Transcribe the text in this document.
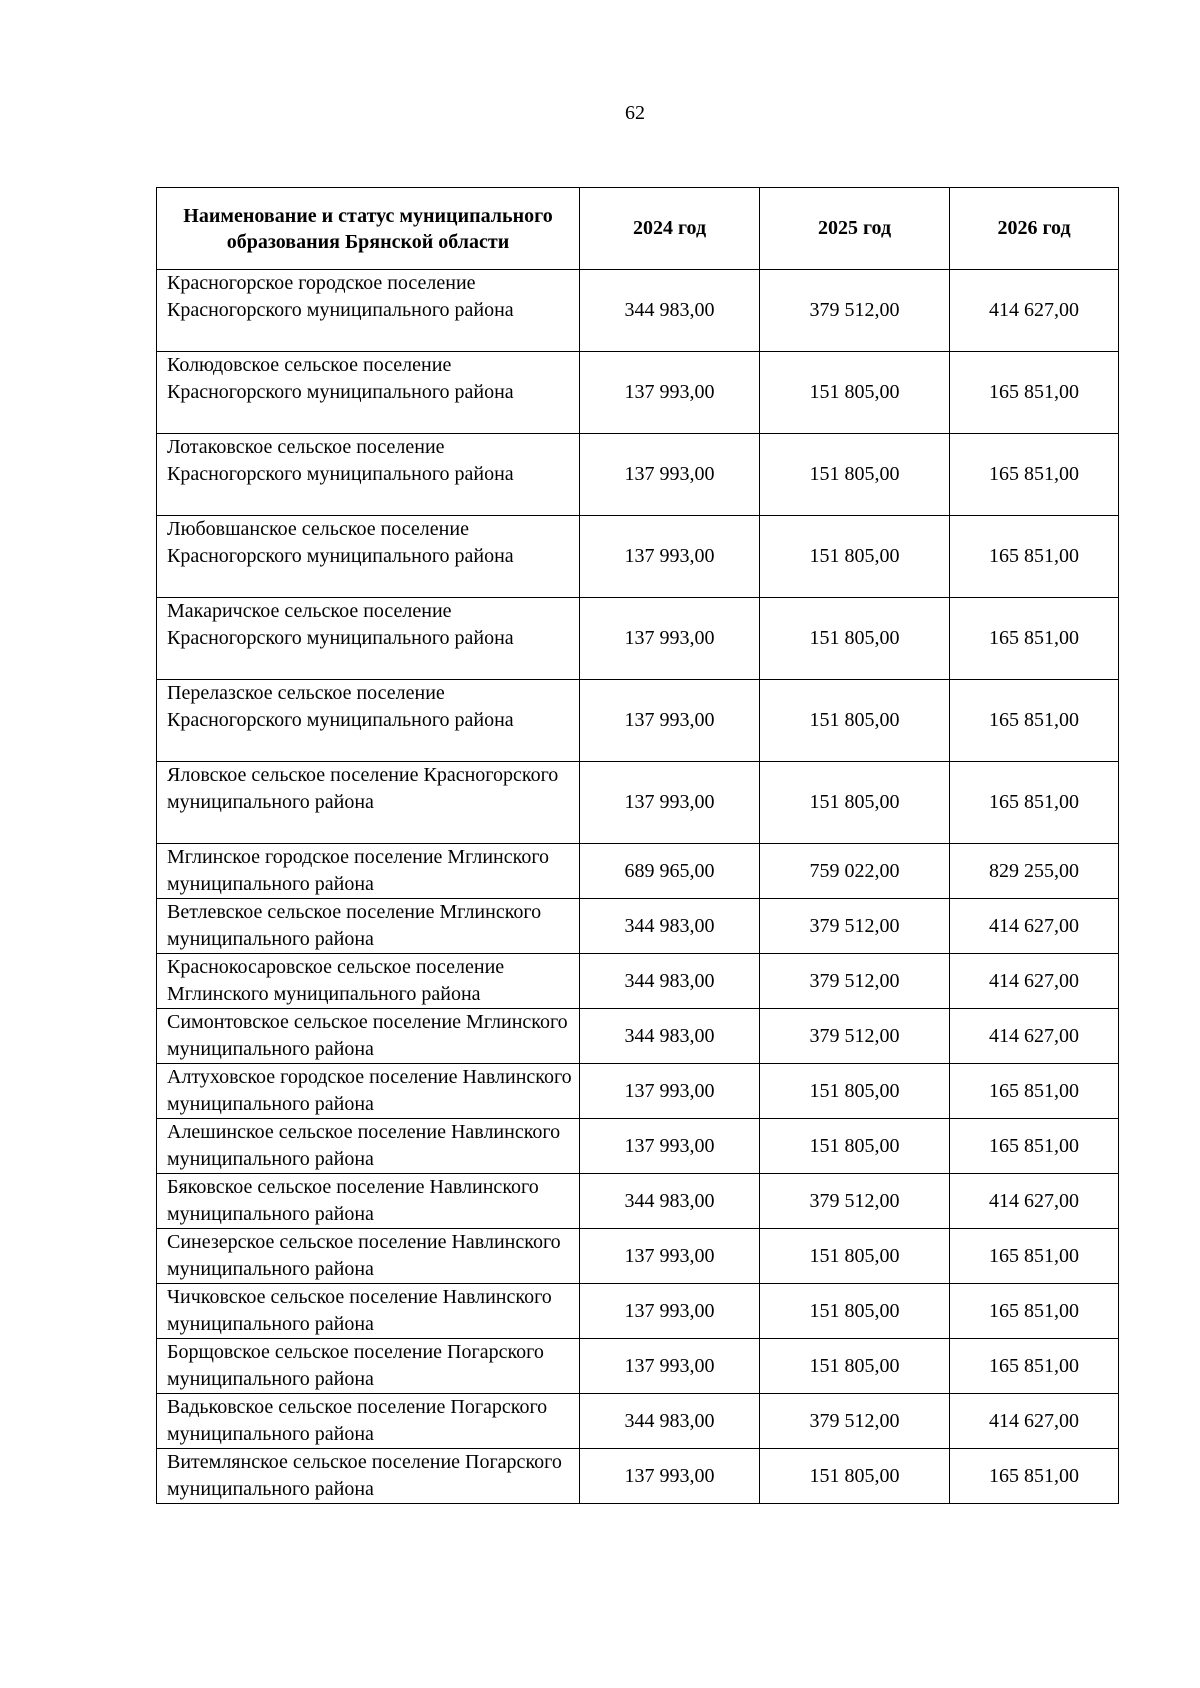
62
Наименование и статус муниципального образования Брянской области	2024 год	2025 год	2026 год
Красногорское городское поселение Красногорского муниципального района	344 983,00	379 512,00	414 627,00
Колюдовское сельское поселение Красногорского муниципального района	137 993,00	151 805,00	165 851,00
Лотаковское сельское поселение Красногорского муниципального района	137 993,00	151 805,00	165 851,00
Любовшанское сельское поселение Красногорского муниципального района	137 993,00	151 805,00	165 851,00
Макаричское сельское поселение Красногорского муниципального района	137 993,00	151 805,00	165 851,00
Перелазское сельское поселение Красногорского муниципального района	137 993,00	151 805,00	165 851,00
Яловское сельское поселение Красногорского муниципального района	137 993,00	151 805,00	165 851,00
Мглинское городское поселение Мглинского муниципального района	689 965,00	759 022,00	829 255,00
Ветлевское сельское поселение Мглинского муниципального района	344 983,00	379 512,00	414 627,00
Краснокосаровское сельское поселение Мглинского муниципального района	344 983,00	379 512,00	414 627,00
Симонтовское сельское поселение Мглинского муниципального района	344 983,00	379 512,00	414 627,00
Алтуховское городское поселение Навлинского муниципального района	137 993,00	151 805,00	165 851,00
Алешинское сельское поселение Навлинского муниципального района	137 993,00	151 805,00	165 851,00
Бяковское сельское поселение Навлинского муниципального района	344 983,00	379 512,00	414 627,00
Синезерское сельское поселение Навлинского муниципального района	137 993,00	151 805,00	165 851,00
Чичковское сельское поселение Навлинского муниципального района	137 993,00	151 805,00	165 851,00
Борщовское сельское поселение Погарского муниципального района	137 993,00	151 805,00	165 851,00
Вадьковское сельское поселение Погарского муниципального района	344 983,00	379 512,00	414 627,00
Витемлянское сельское поселение Погарского муниципального района	137 993,00	151 805,00	165 851,00
